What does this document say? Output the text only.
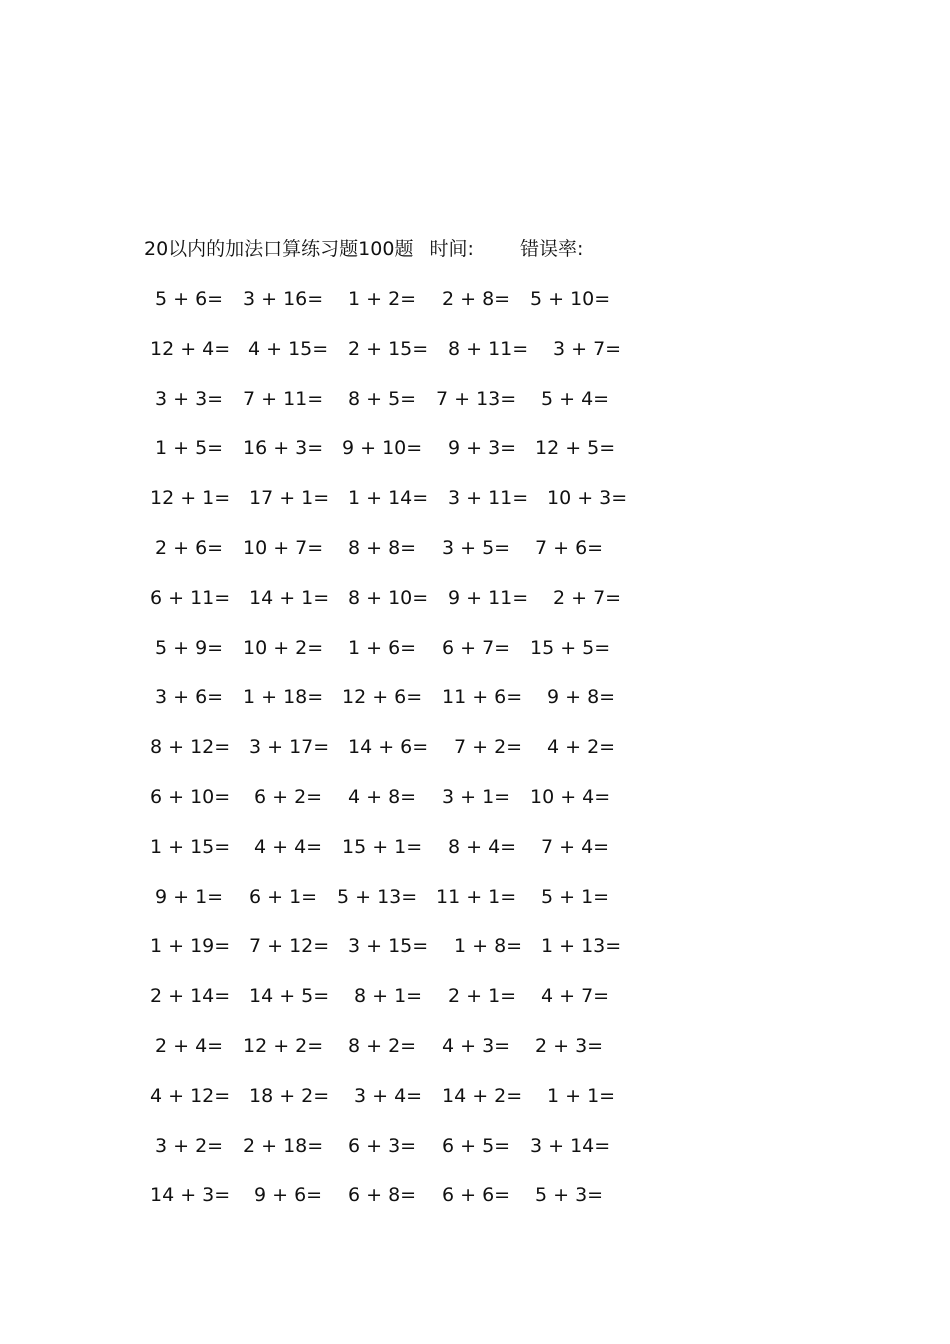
20以内的加法口算练习题100题 时间: 错误率:
5 + 6= 3 + 16= 1 + 2= 2 + 8= 5 + 10=
12 + 4= 4 + 15= 2 + 15= 8 + 11= 3 + 7=
3 + 3= 7 + 11= 8 + 5= 7 + 13= 5 + 4=
1 + 5= 16 + 3= 9 + 10= 9 + 3= 12 + 5=
12 + 1= 17 + 1= 1 + 14= 3 + 11= 10 + 3=
2 + 6= 10 + 7= 8 + 8= 3 + 5= 7 + 6=
6 + 11= 14 + 1= 8 + 10= 9 + 11= 2 + 7=
5 + 9= 10 + 2= 1 + 6= 6 + 7= 15 + 5=
3 + 6= 1 + 18= 12 + 6= 11 + 6= 9 + 8=
8 + 12= 3 + 17= 14 + 6= 7 + 2= 4 + 2=
6 + 10= 6 + 2= 4 + 8= 3 + 1= 10 + 4=
1 + 15= 4 + 4= 15 + 1= 8 + 4= 7 + 4=
9 + 1= 6 + 1= 5 + 13= 11 + 1= 5 + 1=
1 + 19= 7 + 12= 3 + 15= 1 + 8= 1 + 13=
2 + 14= 14 + 5= 8 + 1= 2 + 1= 4 + 7=
2 + 4= 12 + 2= 8 + 2= 4 + 3= 2 + 3=
4 + 12= 18 + 2= 3 + 4= 14 + 2= 1 + 1=
3 + 2= 2 + 18= 6 + 3= 6 + 5= 3 + 14=
14 + 3= 9 + 6= 6 + 8= 6 + 6= 5 + 3=
